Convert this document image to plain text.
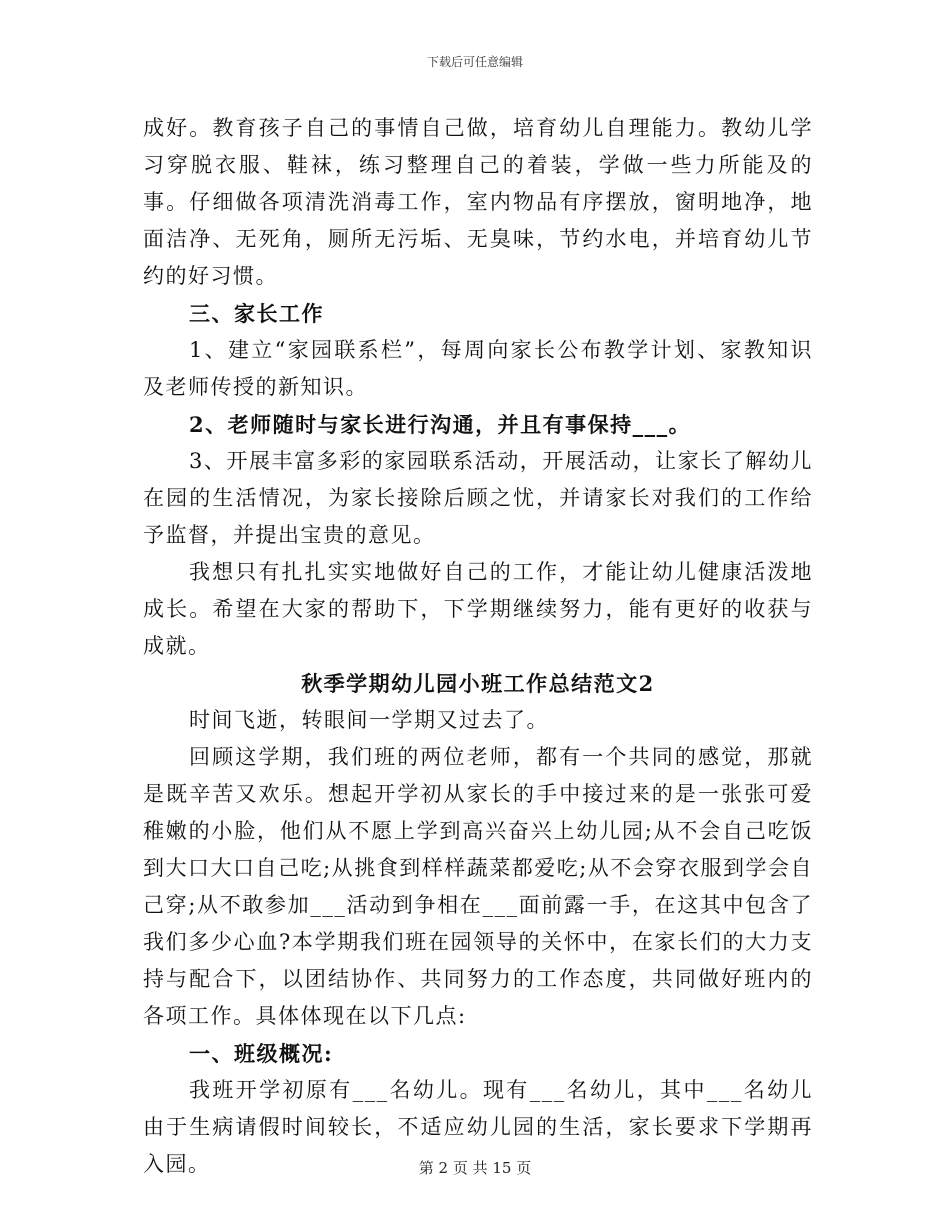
下载后可任意编辑

成好。教育孩子自己的事情自己做，培育幼儿自理能力。教幼儿学习穿脱衣服、鞋袜，练习整理自己的着装，学做一些力所能及的事。仔细做各项清洗消毒工作，室内物品有序摆放，窗明地净，地面洁净、无死角，厕所无污垢、无臭味，节约水电，并培育幼儿节约的好习惯。

三、家长工作

1、建立“家园联系栏”，每周向家长公布教学计划、家教知识及老师传授的新知识。

2、老师随时与家长进行沟通，并且有事保持___。

3、开展丰富多彩的家园联系活动，开展活动，让家长了解幼儿在园的生活情况，为家长接除后顾之忧，并请家长对我们的工作给予监督，并提出宝贵的意见。

我想只有扎扎实实地做好自己的工作，才能让幼儿健康活泼地成长。希望在大家的帮助下，下学期继续努力，能有更好的收获与成就。

秋季学期幼儿园小班工作总结范文2

时间飞逝，转眼间一学期又过去了。

回顾这学期，我们班的两位老师，都有一个共同的感觉，那就是既辛苦又欢乐。想起开学初从家长的手中接过来的是一张张可爱稚嫩的小脸，他们从不愿上学到高兴奋兴上幼儿园;从不会自己吃饭到大口大口自己吃;从挑食到样样蔬菜都爱吃;从不会穿衣服到学会自己穿;从不敢参加___活动到争相在___面前露一手，在这其中包含了我们多少心血?本学期我们班在园领导的关怀中，在家长们的大力支持与配合下，以团结协作、共同努力的工作态度，共同做好班内的各项工作。具体体现在以下几点:

一、班级概况:

我班开学初原有___名幼儿。现有___名幼儿，其中___名幼儿由于生病请假时间较长，不适应幼儿园的生活，家长要求下学期再入园。	第 2 页 共 15 页
